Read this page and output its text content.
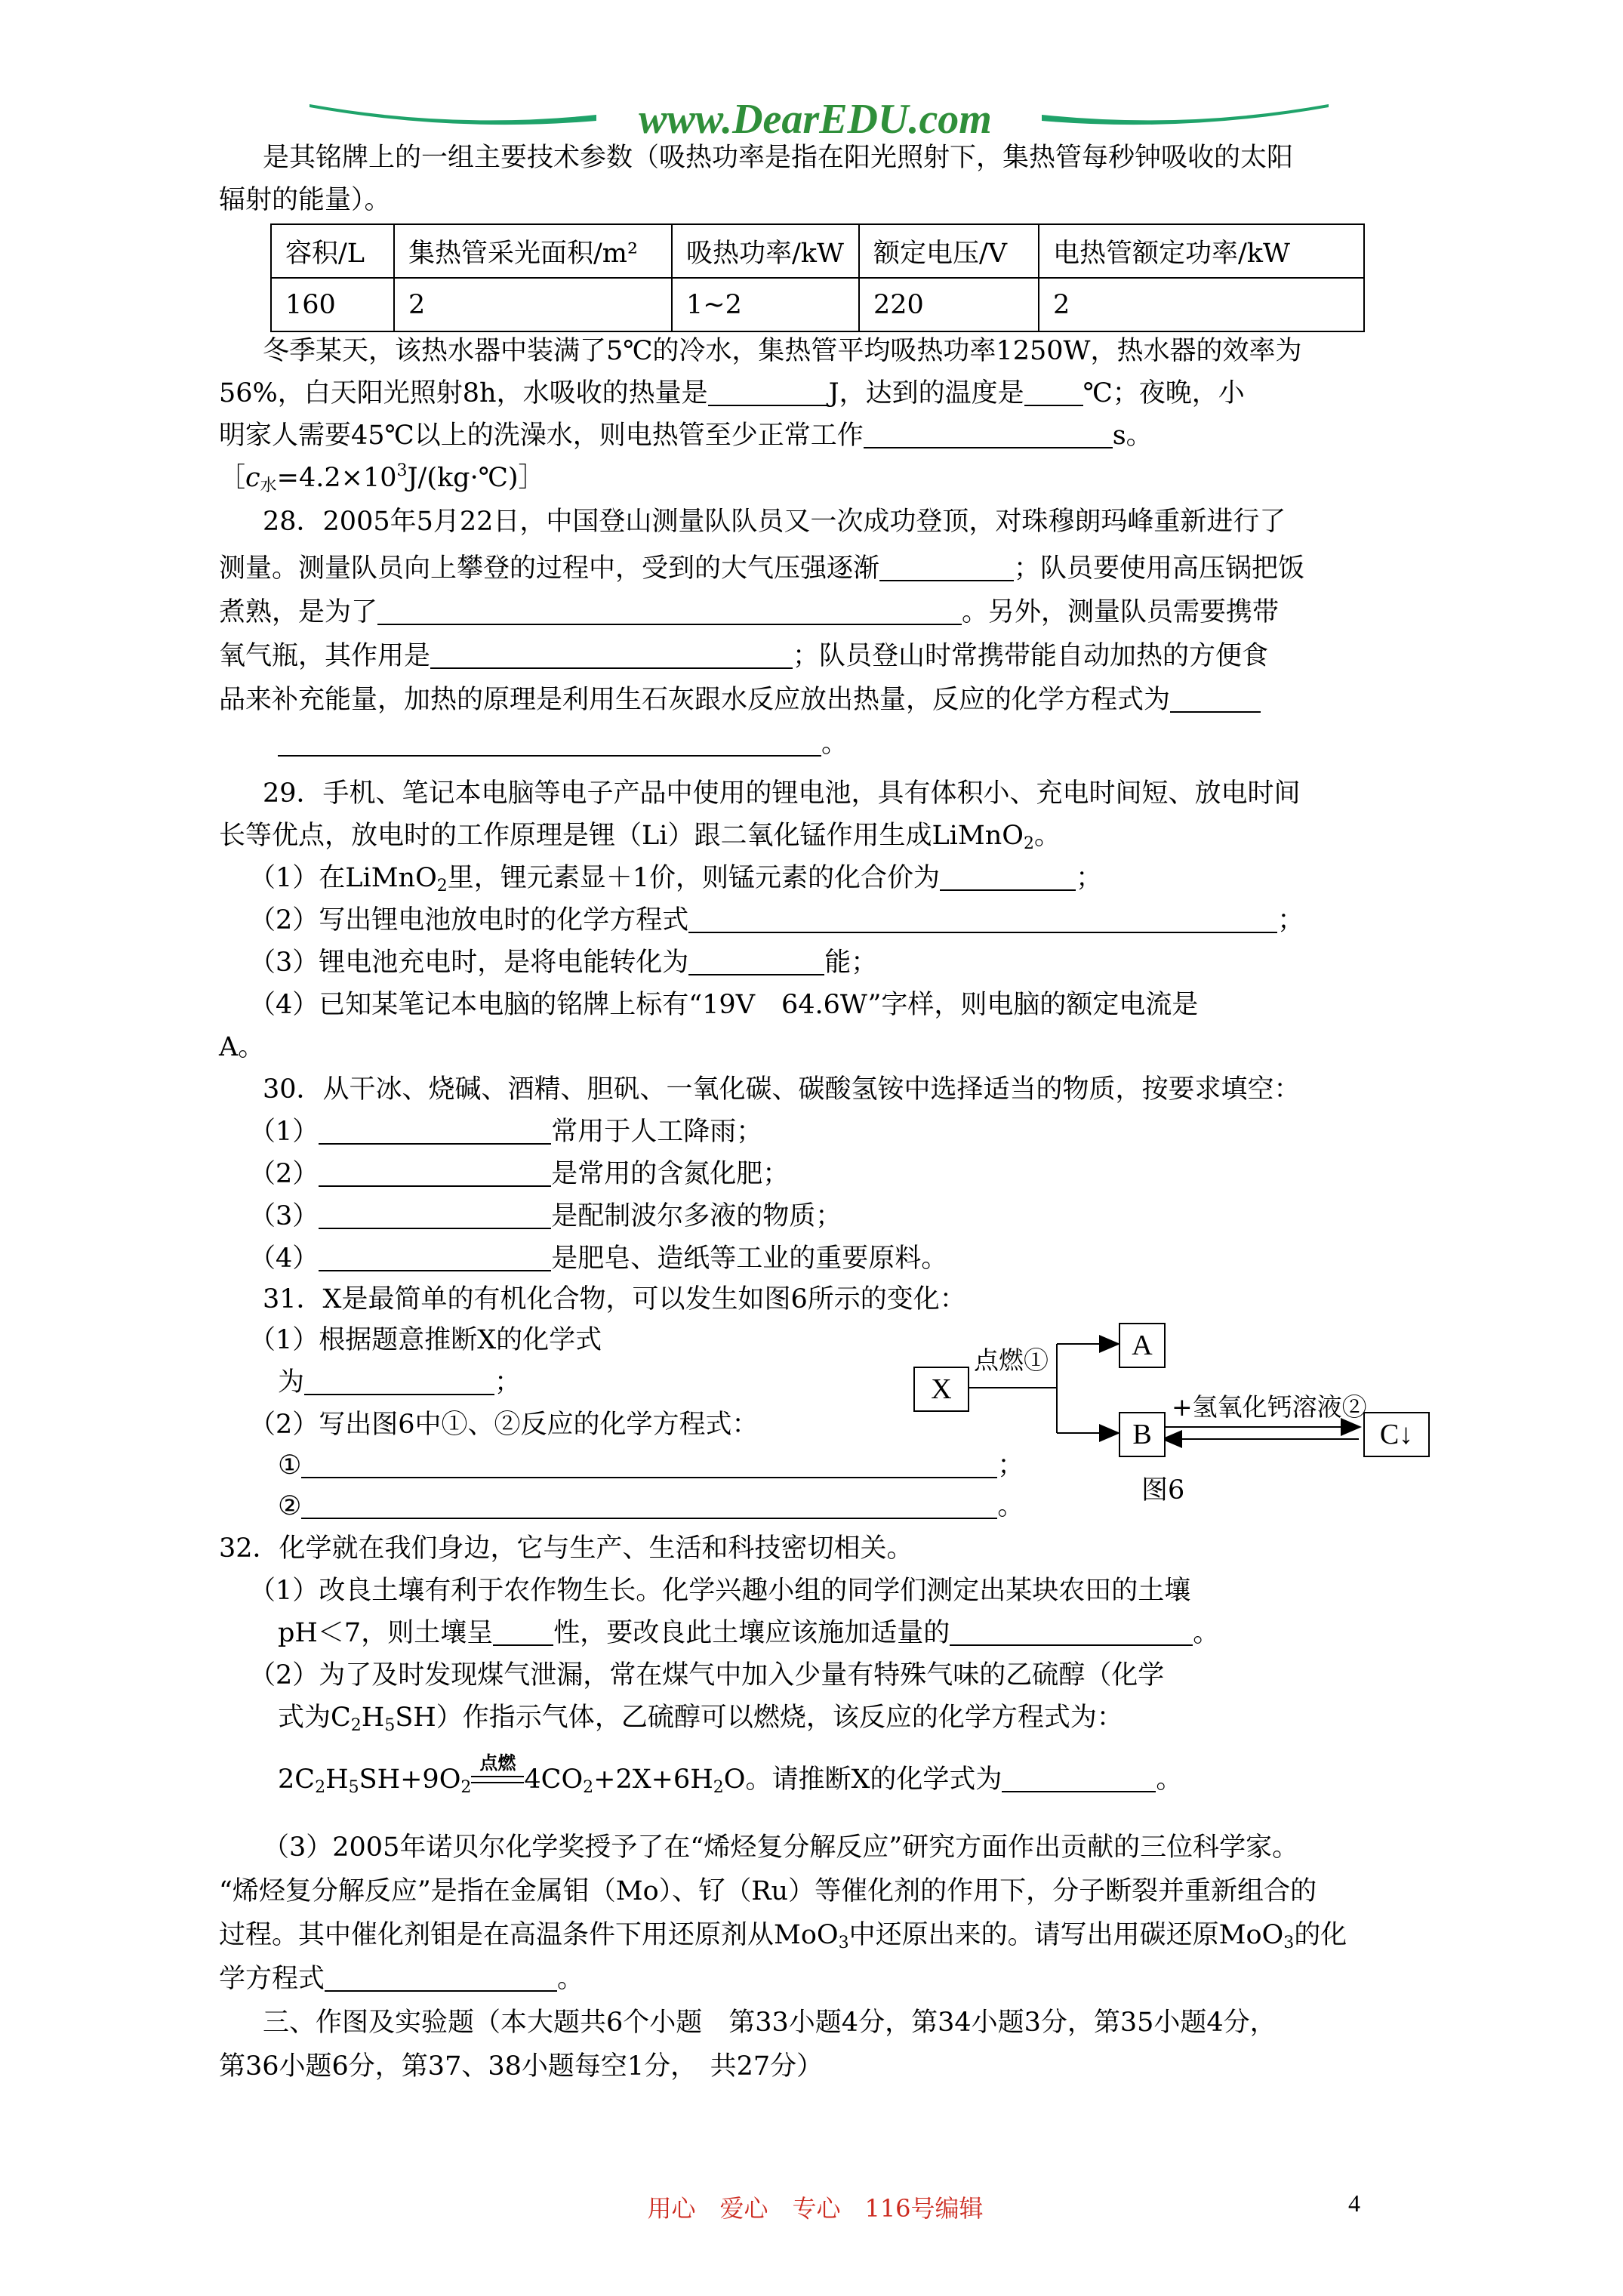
www.DearEDU.com
是其铭牌上的一组主要技术参数（吸热功率是指在阳光照射下，集热管每秒钟吸收的太阳
辐射的能量）。
容积/L	集热管采光面积/m²	吸热功率/kW	额定电压/V	电热管额定功率/kW
160	2	1~2	220	2
冬季某天，该热水器中装满了5℃的冷水，集热管平均吸热功率1250W，热水器的效率为
56%，白天阳光照射8h，水吸收的热量是	J，达到的温度是 ℃；夜晚，小
明家人需要45℃以上的洗澡水，则电热管至少正常工作	s。
$[c_水=4.2\times 10^3J/(kg\cdot℃)]$
28．2005年5月22日，中国登山测量队队员又一次成功登顶，对珠穆朗玛峰重新进行了
测量。测量队员向上攀登的过程中，受到的大气压强逐渐	；队员要使用高压锅把饭
煮熟，是为了	。另外，测量队员需要携带
氧气瓶，其作用是	；队员登山时常携带能自动加热的方便食
品来补充能量，加热的原理是利用生石灰跟水反应放出热量，反应的化学方程式为
。
29．手机、笔记本电脑等电子产品中使用的锂电池，具有体积小、充电时间短、放电时间
长等优点，放电时的工作原理是锂（Li）跟二氧化锰作用生成LiMnO$_2$。
（1）在LiMnO$_2$里，锂元素显＋1价，则锰元素的化合价为	；
（2）写出锂电池放电时的化学方程式	；
（3）锂电池充电时，是将电能转化为	能；
（4）已知某笔记本电脑的铭牌上标有“19V　64.6W”字样，则电脑的额定电流是
A。
30．从干冰、烧碱、酒精、胆矾、一氧化碳、碳酸氢铵中选择适当的物质，按要求填空：
（1）	常用于人工降雨；
（2）	是常用的含氮化肥；
（3）	是配制波尔多液的物质；
（4）	是肥皂、造纸等工业的重要原料。
31．X是最简单的有机化合物，可以发生如图6所示的变化：
（1）根据题意推断X的化学式
为	；
（2）写出图6中①、②反应的化学方程式：
①	；
②	。
X
A
B	C↓
点燃①
+氢氧化钙溶液②
图6
32．化学就在我们身边，它与生产、生活和科技密切相关。
（1）改良土壤有利于农作物生长。化学兴趣小组的同学们测定出某块农田的土壤
pH＜7，则土壤呈 性，要改良此土壤应该施加适量的	。
（2）为了及时发现煤气泄漏，常在煤气中加入少量有特殊气味的乙硫醇（化学
式为$C_2H_5SH$）作指示气体，乙硫醇可以燃烧，该反应的化学方程式为：
$2C_2H_5SH+9O_2$
点燃
$4CO_2+2X+6H_2O$。请推断X的化学式为	。
（3）2005年诺贝尔化学奖授予了在“烯烃复分解反应”研究方面作出贡献的三位科学家。
“烯烃复分解反应”是指在金属钼（Mo）、钌（Ru）等催化剂的作用下，分子断裂并重新组合的
过程。其中催化剂钼是在高温条件下用还原剂从MoO$_3$中还原出来的。请写出用碳还原MoO$_3$的化
学方程式	。
三、作图及实验题（本大题共6个小题　第33小题4分，第34小题3分，第35小题4分，
第36小题6分，第37、38小题每空1分，　共27分）
用心　爱心　专心　116号编辑	4
